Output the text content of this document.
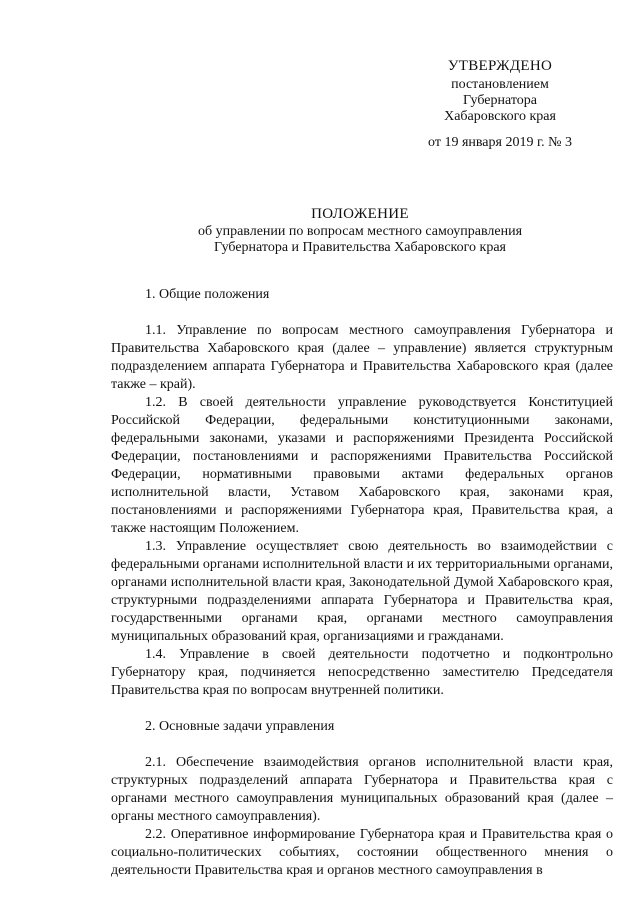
УТВЕРЖДЕНО
постановлением
Губернатора
Хабаровского края
от 19 января 2019 г. № 3
ПОЛОЖЕНИЕ
об управлении по вопросам местного самоуправления
Губернатора и Правительства Хабаровского края

1. Общие положения

1.1. Управление по вопросам местного самоуправления Губернатора и Правительства Хабаровского края (далее – управление) является структурным подразделением аппарата Губернатора и Правительства Хабаровского края (далее также – край).

1.2. В своей деятельности управление руководствуется Конституцией Российской Федерации, федеральными конституционными законами, федеральными законами, указами и распоряжениями Президента Российской Федерации, постановлениями и распоряжениями Правительства Российской Федерации, нормативными правовыми актами федеральных органов исполнительной власти, Уставом Хабаровского края, законами края, постановлениями и распоряжениями Губернатора края, Правительства края, а также настоящим Положением.

1.3. Управление осуществляет свою деятельность во взаимодействии с федеральными органами исполнительной власти и их территориальными органами, органами исполнительной власти края, Законодательной Думой Хабаровского края, структурными подразделениями аппарата Губернатора и Правительства края, государственными органами края, органами местного самоуправления муниципальных образований края, организациями и гражданами.

1.4. Управление в своей деятельности подотчетно и подконтрольно Губернатору края, подчиняется непосредственно заместителю Председателя Правительства края по вопросам внутренней политики.

2. Основные задачи управления

2.1. Обеспечение взаимодействия органов исполнительной власти края, структурных подразделений аппарата Губернатора и Правительства края с органами местного самоуправления муниципальных образований края (далее – органы местного самоуправления).

2.2. Оперативное информирование Губернатора края и Правительства края о социально-политических событиях, состоянии общественного мнения о деятельности Правительства края и органов местного самоуправления в
